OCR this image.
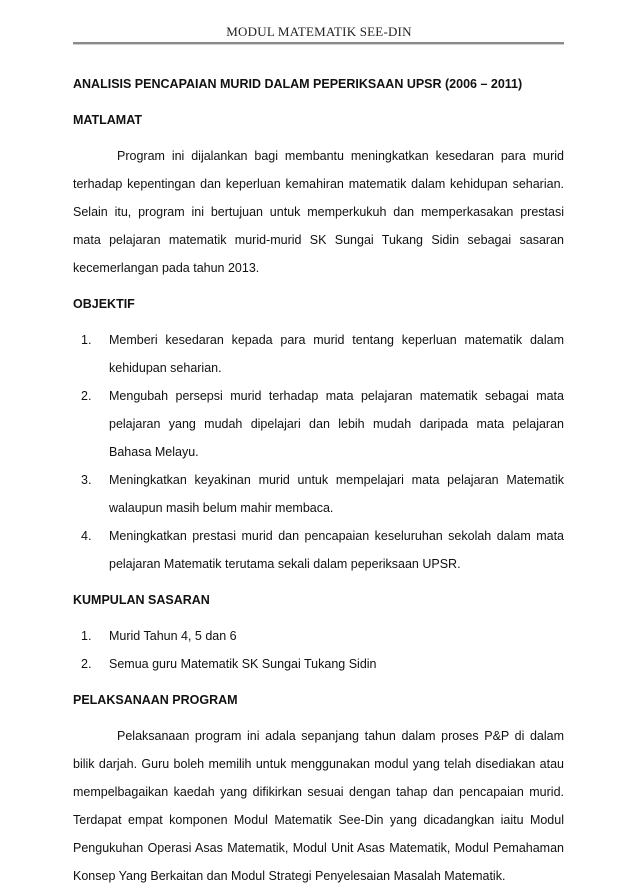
MODUL MATEMATIK SEE-DIN

ANALISIS PENCAPAIAN MURID DALAM PEPERIKSAAN UPSR (2006 – 2011)

MATLAMAT

Program ini dijalankan bagi membantu meningkatkan kesedaran para murid terhadap kepentingan dan keperluan kemahiran matematik dalam kehidupan seharian. Selain itu, program ini bertujuan untuk memperkukuh dan memperkasakan prestasi mata pelajaran matematik murid-murid SK Sungai Tukang Sidin sebagai sasaran kecemerlangan pada tahun 2013.

OBJEKTIF

1. Memberi kesedaran kepada para murid tentang keperluan matematik dalam kehidupan seharian.
2. Mengubah persepsi murid terhadap mata pelajaran matematik sebagai mata pelajaran yang mudah dipelajari dan lebih mudah daripada mata pelajaran Bahasa Melayu.
3. Meningkatkan keyakinan murid untuk mempelajari mata pelajaran Matematik walaupun masih belum mahir membaca.
4. Meningkatkan prestasi murid dan pencapaian keseluruhan sekolah dalam mata pelajaran Matematik terutama sekali dalam peperiksaan UPSR.

KUMPULAN SASARAN

1. Murid Tahun 4, 5 dan 6
2. Semua guru Matematik SK Sungai Tukang Sidin

PELAKSANAAN PROGRAM

Pelaksanaan program ini adala sepanjang tahun dalam proses P&P di dalam bilik darjah. Guru boleh memilih untuk menggunakan modul yang telah disediakan atau mempelbagaikan kaedah yang difikirkan sesuai dengan tahap dan pencapaian murid. Terdapat empat komponen Modul Matematik See-Din yang dicadangkan iaitu Modul Pengukuhan Operasi Asas Matematik, Modul Unit Asas Matematik, Modul Pemahaman Konsep Yang Berkaitan dan Modul Strategi Penyelesaian Masalah Matematik.
